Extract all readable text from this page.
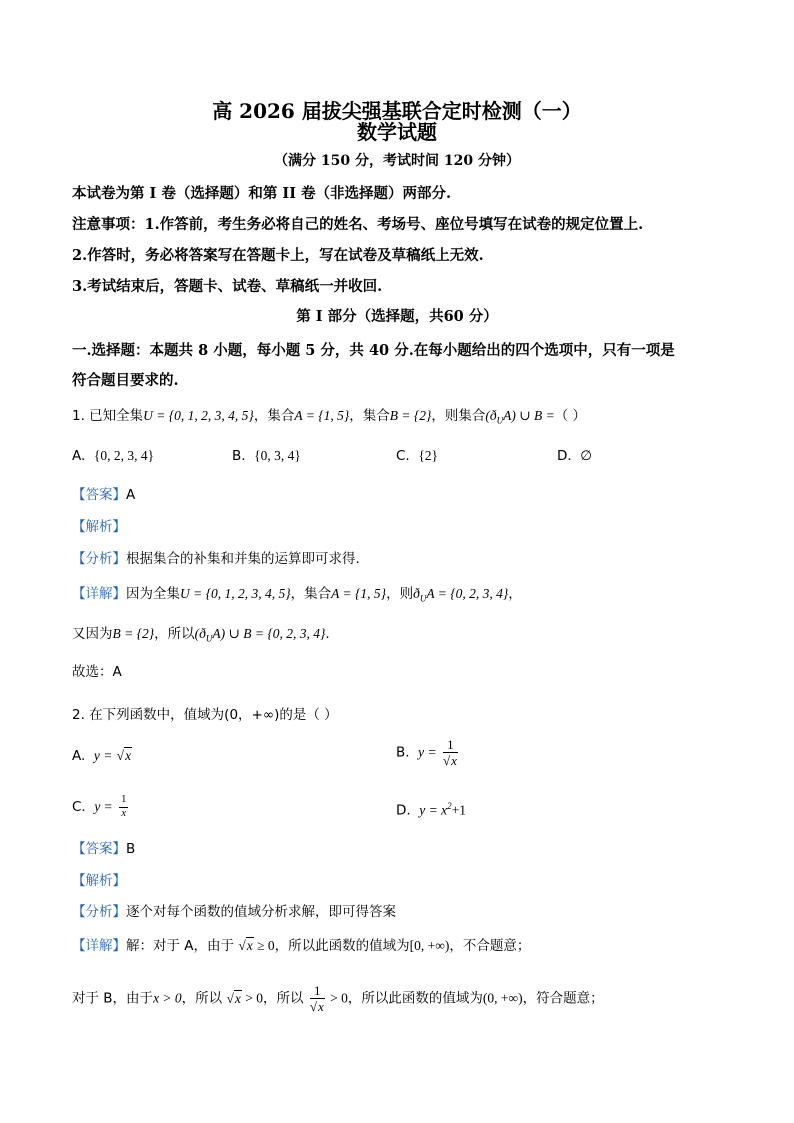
高 2026 届拔尖强基联合定时检测（一）
数学试题
（满分 150 分，考试时间 120 分钟）
本试卷为第 I 卷（选择题）和第 II 卷（非选择题）两部分.
注意事项：1.作答前，考生务必将自己的姓名、考场号、座位号填写在试卷的规定位置上.
2.作答时，务必将答案写在答题卡上，写在试卷及草稿纸上无效.
3.考试结束后，答题卡、试卷、草稿纸一并收回.
第 I 部分（选择题，共60 分）
一.选择题：本题共 8 小题，每小题 5 分，共 40 分.在每小题给出的四个选项中，只有一项是
符合题目要求的.
1. 已知全集U = {0, 1, 2, 3, 4, 5}，集合A = {1, 5}，集合B = {2}，则集合$(ð_UA)$ ∪ B =（ ）
A. {0, 2, 3, 4}	B. {0, 3, 4}	C. {2}	D. ∅
【答案】A
【解析】
【分析】根据集合的补集和并集的运算即可求得.
【详解】因为全集U = {0, 1, 2, 3, 4, 5}，集合A = {1, 5}，则$ð_UA = \{0$, 2, 3, 4}，
又因为B = {2}，所以$(ð_UA)$ ∪ B = {0, 2, 3, 4}.
故选：A
2. 在下列函数中，值域为(0，+∞)的是（ ）
A. y = √x	B. $y = \frac{1}{√x}$
C. $y = \frac{1}{x}$	D. $y = x^2+1$
【答案】B
【解析】
【分析】逐个对每个函数的值域分析求解，即可得答案
【详解】解：对于 A，由于 √x ≥ 0，所以此函数的值域为[0, +∞)，不合题意；
对于 B，由于x > 0，所以 √x > 0，所以 $\frac{1}{√x} > 0$，所以此函数的值域为(0, +∞)，符合题意；
